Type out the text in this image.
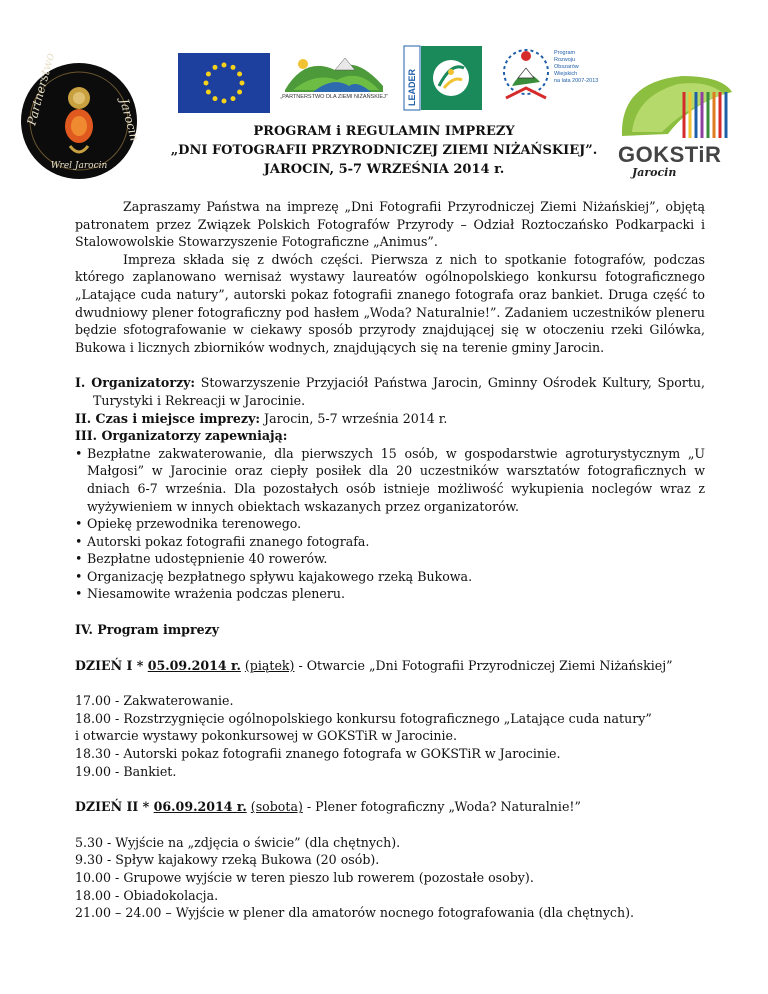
Partnerstwo	Jarocin
Wrel Jarocin
„PARTNERSTWO DLA ZIEMI NIŻAŃSKIEJ”	LEADER
Program
Rozwoju
Obszarów
Wiejskich
na lata 2007-2013
GOKSTiR
Jarocin
PROGRAM i REGULAMIN IMPREZY
„DNI FOTOGRAFII PRZYRODNICZEJ ZIEMI NIŻAŃSKIEJ”.
JAROCIN, 5-7 WRZEŚNIA 2014 r.

Zapraszamy Państwa na imprezę „Dni Fotografii Przyrodniczej Ziemi Niżańskiej”, objętą patronatem przez Związek Polskich Fotografów Przyrody – Odział Roztoczańsko Podkarpacki i Stalowowolskie Stowarzyszenie Fotograficzne „Animus”.

Impreza składa się z dwóch części. Pierwsza z nich to spotkanie fotografów, podczas którego zaplanowano wernisaż wystawy laureatów ogólnopolskiego konkursu fotograficznego „Latające cuda natury”, autorski pokaz fotografii znanego fotografa oraz bankiet. Druga część to dwudniowy plener fotograficzny pod hasłem „Woda? Naturalnie!”. Zadaniem uczestników pleneru będzie sfotografowanie w ciekawy sposób przyrody znajdującej się w otoczeniu rzeki Gilówka, Bukowa i licznych zbiorników wodnych, znajdujących się na terenie gminy Jarocin.

I. Organizatorzy: Stowarzyszenie Przyjaciół Państwa Jarocin, Gminny Ośrodek Kultury, Sportu, Turystyki i Rekreacji w Jarocinie.

II. Czas i miejsce imprezy: Jarocin, 5-7 września 2014 r.

III. Organizatorzy zapewniają:

• Bezpłatne zakwaterowanie, dla pierwszych 15 osób, w gospodarstwie agroturystycznym „U Małgosi” w Jarocinie oraz ciepły posiłek dla 20 uczestników warsztatów fotograficznych w dniach 6-7 września. Dla pozostałych osób istnieje możliwość wykupienia noclegów wraz z wyżywieniem w innych obiektach wskazanych przez organizatorów.
• Opiekę przewodnika terenowego.
• Autorski pokaz fotografii znanego fotografa.
• Bezpłatne udostępnienie 40 rowerów.
• Organizację bezpłatnego spływu kajakowego rzeką Bukowa.
• Niesamowite wrażenia podczas pleneru.

IV. Program imprezy

DZIEŃ I * 05.09.2014 r. (piątek) - Otwarcie „Dni Fotografii Przyrodniczej Ziemi Niżańskiej”

17.00 - Zakwaterowanie.

18.00 - Rozstrzygnięcie ogólnopolskiego konkursu fotograficznego „Latające cuda natury”

i otwarcie wystawy pokonkursowej w GOKSTiR w Jarocinie.

18.30 - Autorski pokaz fotografii znanego fotografa w GOKSTiR w Jarocinie.

19.00 - Bankiet.

DZIEŃ II * 06.09.2014 r. (sobota) - Plener fotograficzny „Woda? Naturalnie!”

5.30 - Wyjście na „zdjęcia o świcie” (dla chętnych).

9.30 - Spływ kajakowy rzeką Bukowa (20 osób).

10.00 - Grupowe wyjście w teren pieszo lub rowerem (pozostałe osoby).

18.00 - Obiadokolacja.

21.00 – 24.00 – Wyjście w plener dla amatorów nocnego fotografowania (dla chętnych).
